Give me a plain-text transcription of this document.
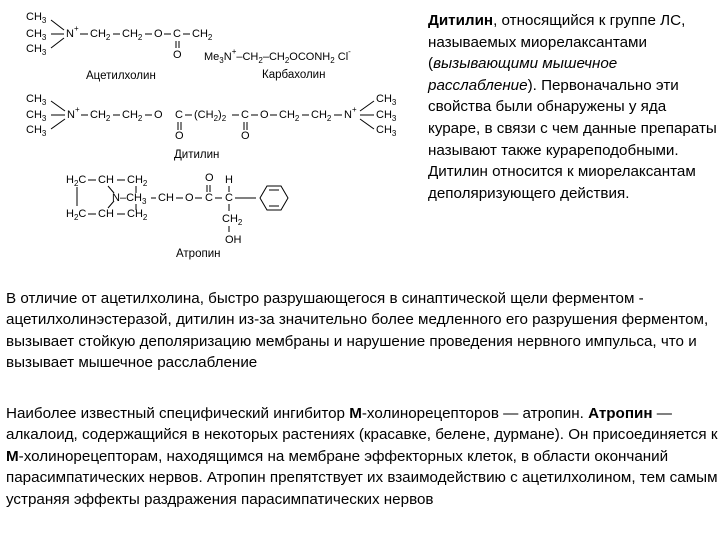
$CH_3$
$CH_3$
$CH_3$
N+ $CH_2$ $CH_2$ O C
O
$CH_2$
Ацетилхолин
$Me_3N^+-CH_2-CH_2OCONH_2$ Cl-
Карбахолин
$CH_3$
$CH_3$
$CH_3$
N+ $CH_2$ $CH_2$ O C
O
$(CH_2)_2$ C
O
O $CH_2$ $CH_2$ N+
$CH_3$
$CH_3$
$CH_3$
Дитилин
$H_2C$ CH $CH_2$
$N-CH_3$ CH O C
O
C
H
$CH_2$
OH
$H_2C$ CH $CH_2$
Атропин

Дитилин, относящийся к группе ЛС, называемых миорелаксантами (вызывающими мышечное расслабление). Первоначально эти свойства были обнаружены у яда кураре, в связи с чем данные препараты называют также курареподобными. Дитилин относится к миорелаксантам деполяризующего действия.

В отличие от ацетилхолина, быстро разрушающегося в синаптической щели ферментом - ацетилхолинэстеразой, дитилин из-за значительно более медленного его разрушения ферментом, вызывает стойкую деполяризацию мембраны и нарушение проведения нервного импульса, что и вызывает мышечное расслабление

Наиболее известный специфический ингибитор М-холинорецепторов — атропин. Атропин — алкалоид, содержащийся в некоторых растениях (красавке, белене, дурмане). Он присоединяется к М-холинорецепторам, находящимся на мембране эффекторных клеток, в области окончаний парасимпатических нервов. Атропин препятствует их взаимодействию с ацетилхолином, тем самым устраняя эффекты раздражения парасимпатических нервов
